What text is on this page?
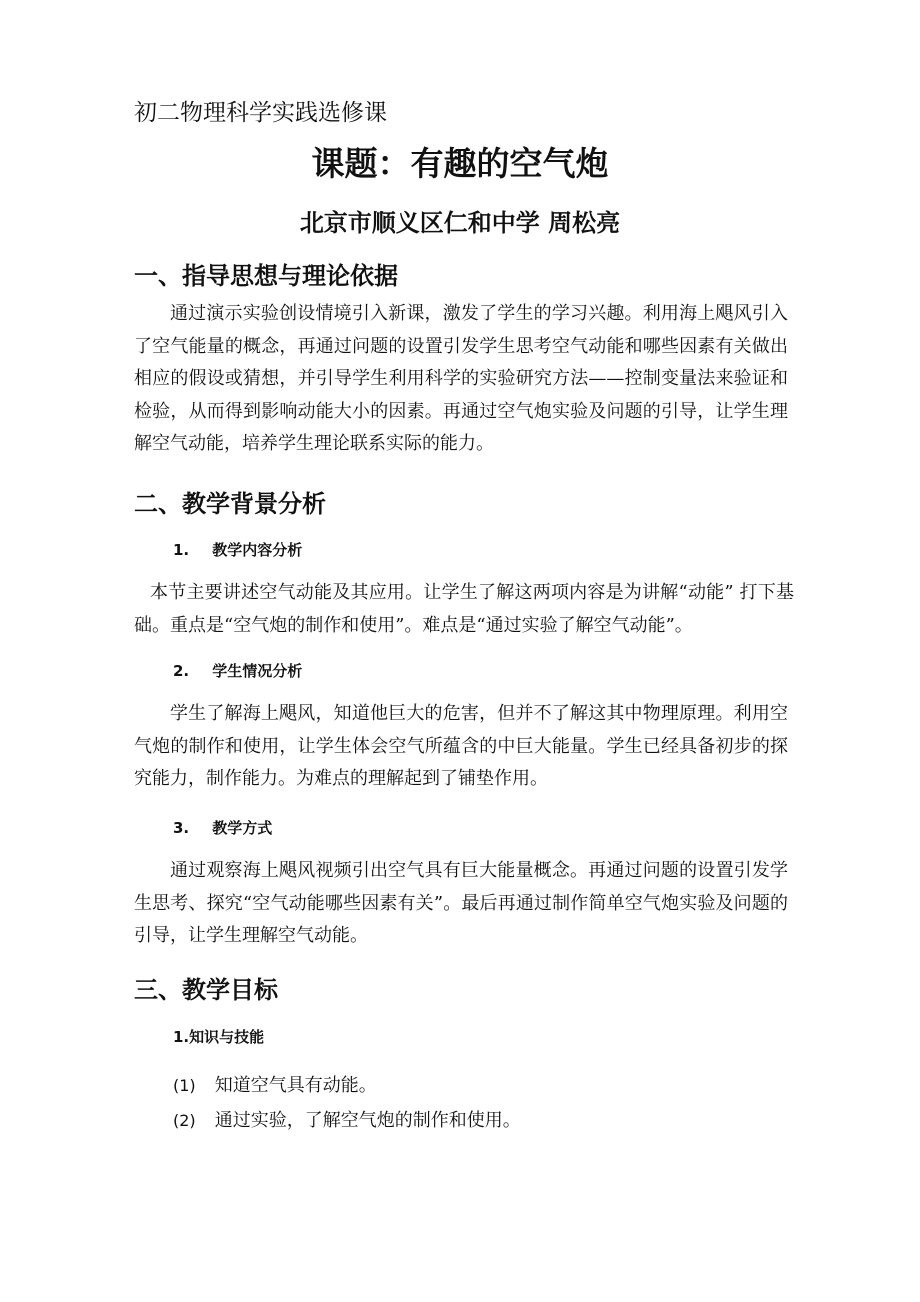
初二物理科学实践选修课
课题：有趣的空气炮
北京市顺义区仁和中学 周松亮
一、指导思想与理论依据
通过演示实验创设情境引入新课，激发了学生的学习兴趣。利用海上飓风引入了空气能量的概念，再通过问题的设置引发学生思考空气动能和哪些因素有关做出相应的假设或猜想，并引导学生利用科学的实验研究方法——控制变量法来验证和检验，从而得到影响动能大小的因素。再通过空气炮实验及问题的引导，让学生理解空气动能，培养学生理论联系实际的能力。
二、教学背景分析
1. 教学内容分析
本节主要讲述空气动能及其应用。让学生了解这两项内容是为讲解“动能” 打下基础。重点是“空气炮的制作和使用”。难点是“通过实验了解空气动能”。
2. 学生情况分析
学生了解海上飓风，知道他巨大的危害，但并不了解这其中物理原理。利用空气炮的制作和使用，让学生体会空气所蕴含的中巨大能量。学生已经具备初步的探究能力，制作能力。为难点的理解起到了铺垫作用。
3. 教学方式
通过观察海上飓风视频引出空气具有巨大能量概念。再通过问题的设置引发学生思考、探究“空气动能哪些因素有关”。最后再通过制作简单空气炮实验及问题的引导，让学生理解空气动能。
三、教学目标
1.知识与技能
(1) 知道空气具有动能。
(2) 通过实验，了解空气炮的制作和使用。
